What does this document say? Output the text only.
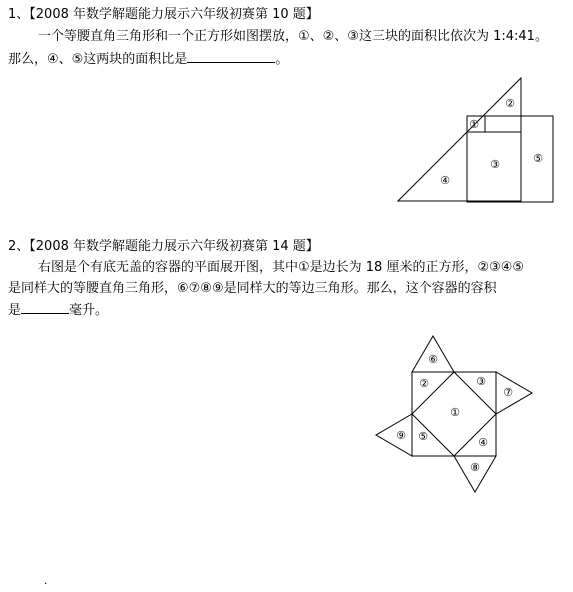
1、【2008 年数学解题能力展示六年级初赛第 10 题】
一个等腰直角三角形和一个正方形如图摆放，①、②、③这三块的面积比依次为 1:4:41。
那么，④、⑤这两块的面积比是	。
2、【2008 年数学解题能力展示六年级初赛第 14 题】
右图是个有底无盖的容器的平面展开图，其中①是边长为 18 厘米的正方形，②③④⑤
是同样大的等腰直角三角形，⑥⑦⑧⑨是同样大的等边三角形。那么，这个容器的容积
是	毫升。
①
②
③
④
⑤
①
②	③
④
⑤
⑥
⑦
⑧
⑨
.
